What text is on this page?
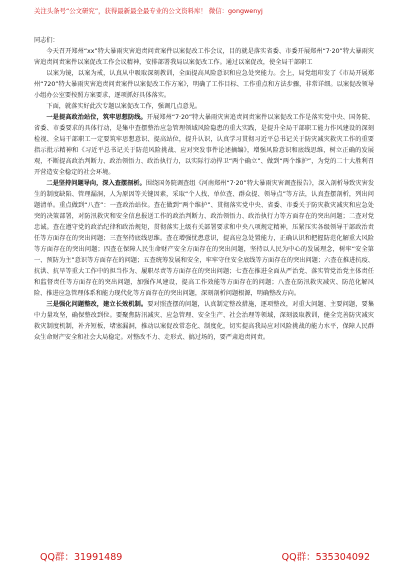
关注头条号“公文研究”，获得最新最全最专业的公文资料库！ 微信：gongwenyj

同志们：

今天召开郑州“xx”特大暴雨灾害追责问责案件以案促改工作会议，目的就是落实省委、市委开展郑州“7·20”特大暴雨灾害追责问责案件以案促改工作会议精神，安排部署我局以案促改工作。通过以案促改，使全局干部职工

以案为镜，以案为戒，认真从中吸取深刻教训，全面提高风险意识和应急处突能力。会上，局党组印发了《市局开展郑州“720”特大暴雨灾害追责问责案件以案促改工作方案》，明确了工作目标、工作重点和方法步骤，非常详细。以案促改领导小组办公室要按照方案要求，逐项抓好具体落实。

下面，就落实好此次专题以案促改工作，强调几点意见。

一是提高政治站位，筑牢思想防线。开展郑州“7·20”特大暴雨灾害追责问责案件以案促改工作是落实党中央、国务院、省委、市委要求的具体行动，是集中查摆整治应急管理领域风险隐患的重大实践，是提升全局干部职工能力作风建设的深刻检视、全局干部职工一定要筑牢思想意识、提高站位，提升认识，认真学习贯彻习近平总书记关于防灾减灾救灾工作的重要指示批示精神和《习近平总书记关于防范风险挑战、应对突发事件论述摘编》，增强风险意识和底线思维，树立正确的发展观，不断提高政治判断力、政治领悟力、政治执行力，以实际行动捍卫“两个确立”、做到“两个维护”，为党的二十大胜利召开营造安全稳定的社会环境。

二是坚持问题导向，深入查摆剖析。围绕国务院调查组《河南郑州“7·20”特大暴雨灾害调查报告》，深入剖析导致灾害发生的制度缺陷、管理漏洞，人为原因等关键因素，采取“个人找、单位查、群众提、领导点”等方法，认真查摆剖析，列出问题清单。重点做到“八查”：一查政治站位。查在做到“两个维护”、贯彻落实党中央、省委、市委关于防灾救灾减灾和应急处突的决策部署，对防汛救灾和安全信息报送工作的政治判断力、政治领悟力、政治执行力等方面存在的突出问题；二查对党忠诚。查在遵守党的政治纪律和政治规矩，贯彻落实上级有关部署要求和中央八项规定精神，压紧压实各级领导干部政治责任等方面存在的突出问题；三查坚持底线思维。查在增强忧患意识，提高应急处置能力，正确认识和把握防范化解重大风险等方面存在的突出问题；四查在保障人民生命财产安全方面存在的突出问题，坚持以人民为中心的发展理念，树牢“安全第一、预防为主”意识等方面存在的问题；五查统筹发展和安全，牢牢守住安全底线等方面存在的突出问题；六查在推进抗疫、抗洪、抗旱等重大工作中的担当作为、履职尽责等方面存在的突出问题；七查在推进全面从严治党、落实管党治党主体责任和监督责任等方面存在的突出问题，加强作风建设，提高工作效能等方面存在的问题；八查在防汛救灾减灾、防范化解风险、推进应急管理体系和能力现代化等方面存在的突出问题，深刻剖析问题根源，明确整改方向。

三是强化问题整改，建立长效机制。要对照查摆的问题，认真制定整改措施，逐项整改，对重大问题、主要问题，要集中力量攻坚，确保整改到位。要聚焦防汛减灾、应急管理、安全生产、社会治理等领域，深刻汲取教训，健全完善防灾减灾救灾制度机制，补齐短板，堵塞漏洞，推动以案促改常态化、制度化，切实提高我局应对风险挑战的能力水平，保障人民群众生命财产安全和社会大局稳定。对整改不力、走形式、搞过场的，要严肃追责问责。

QQ群：31991489	QQ群：535304092
